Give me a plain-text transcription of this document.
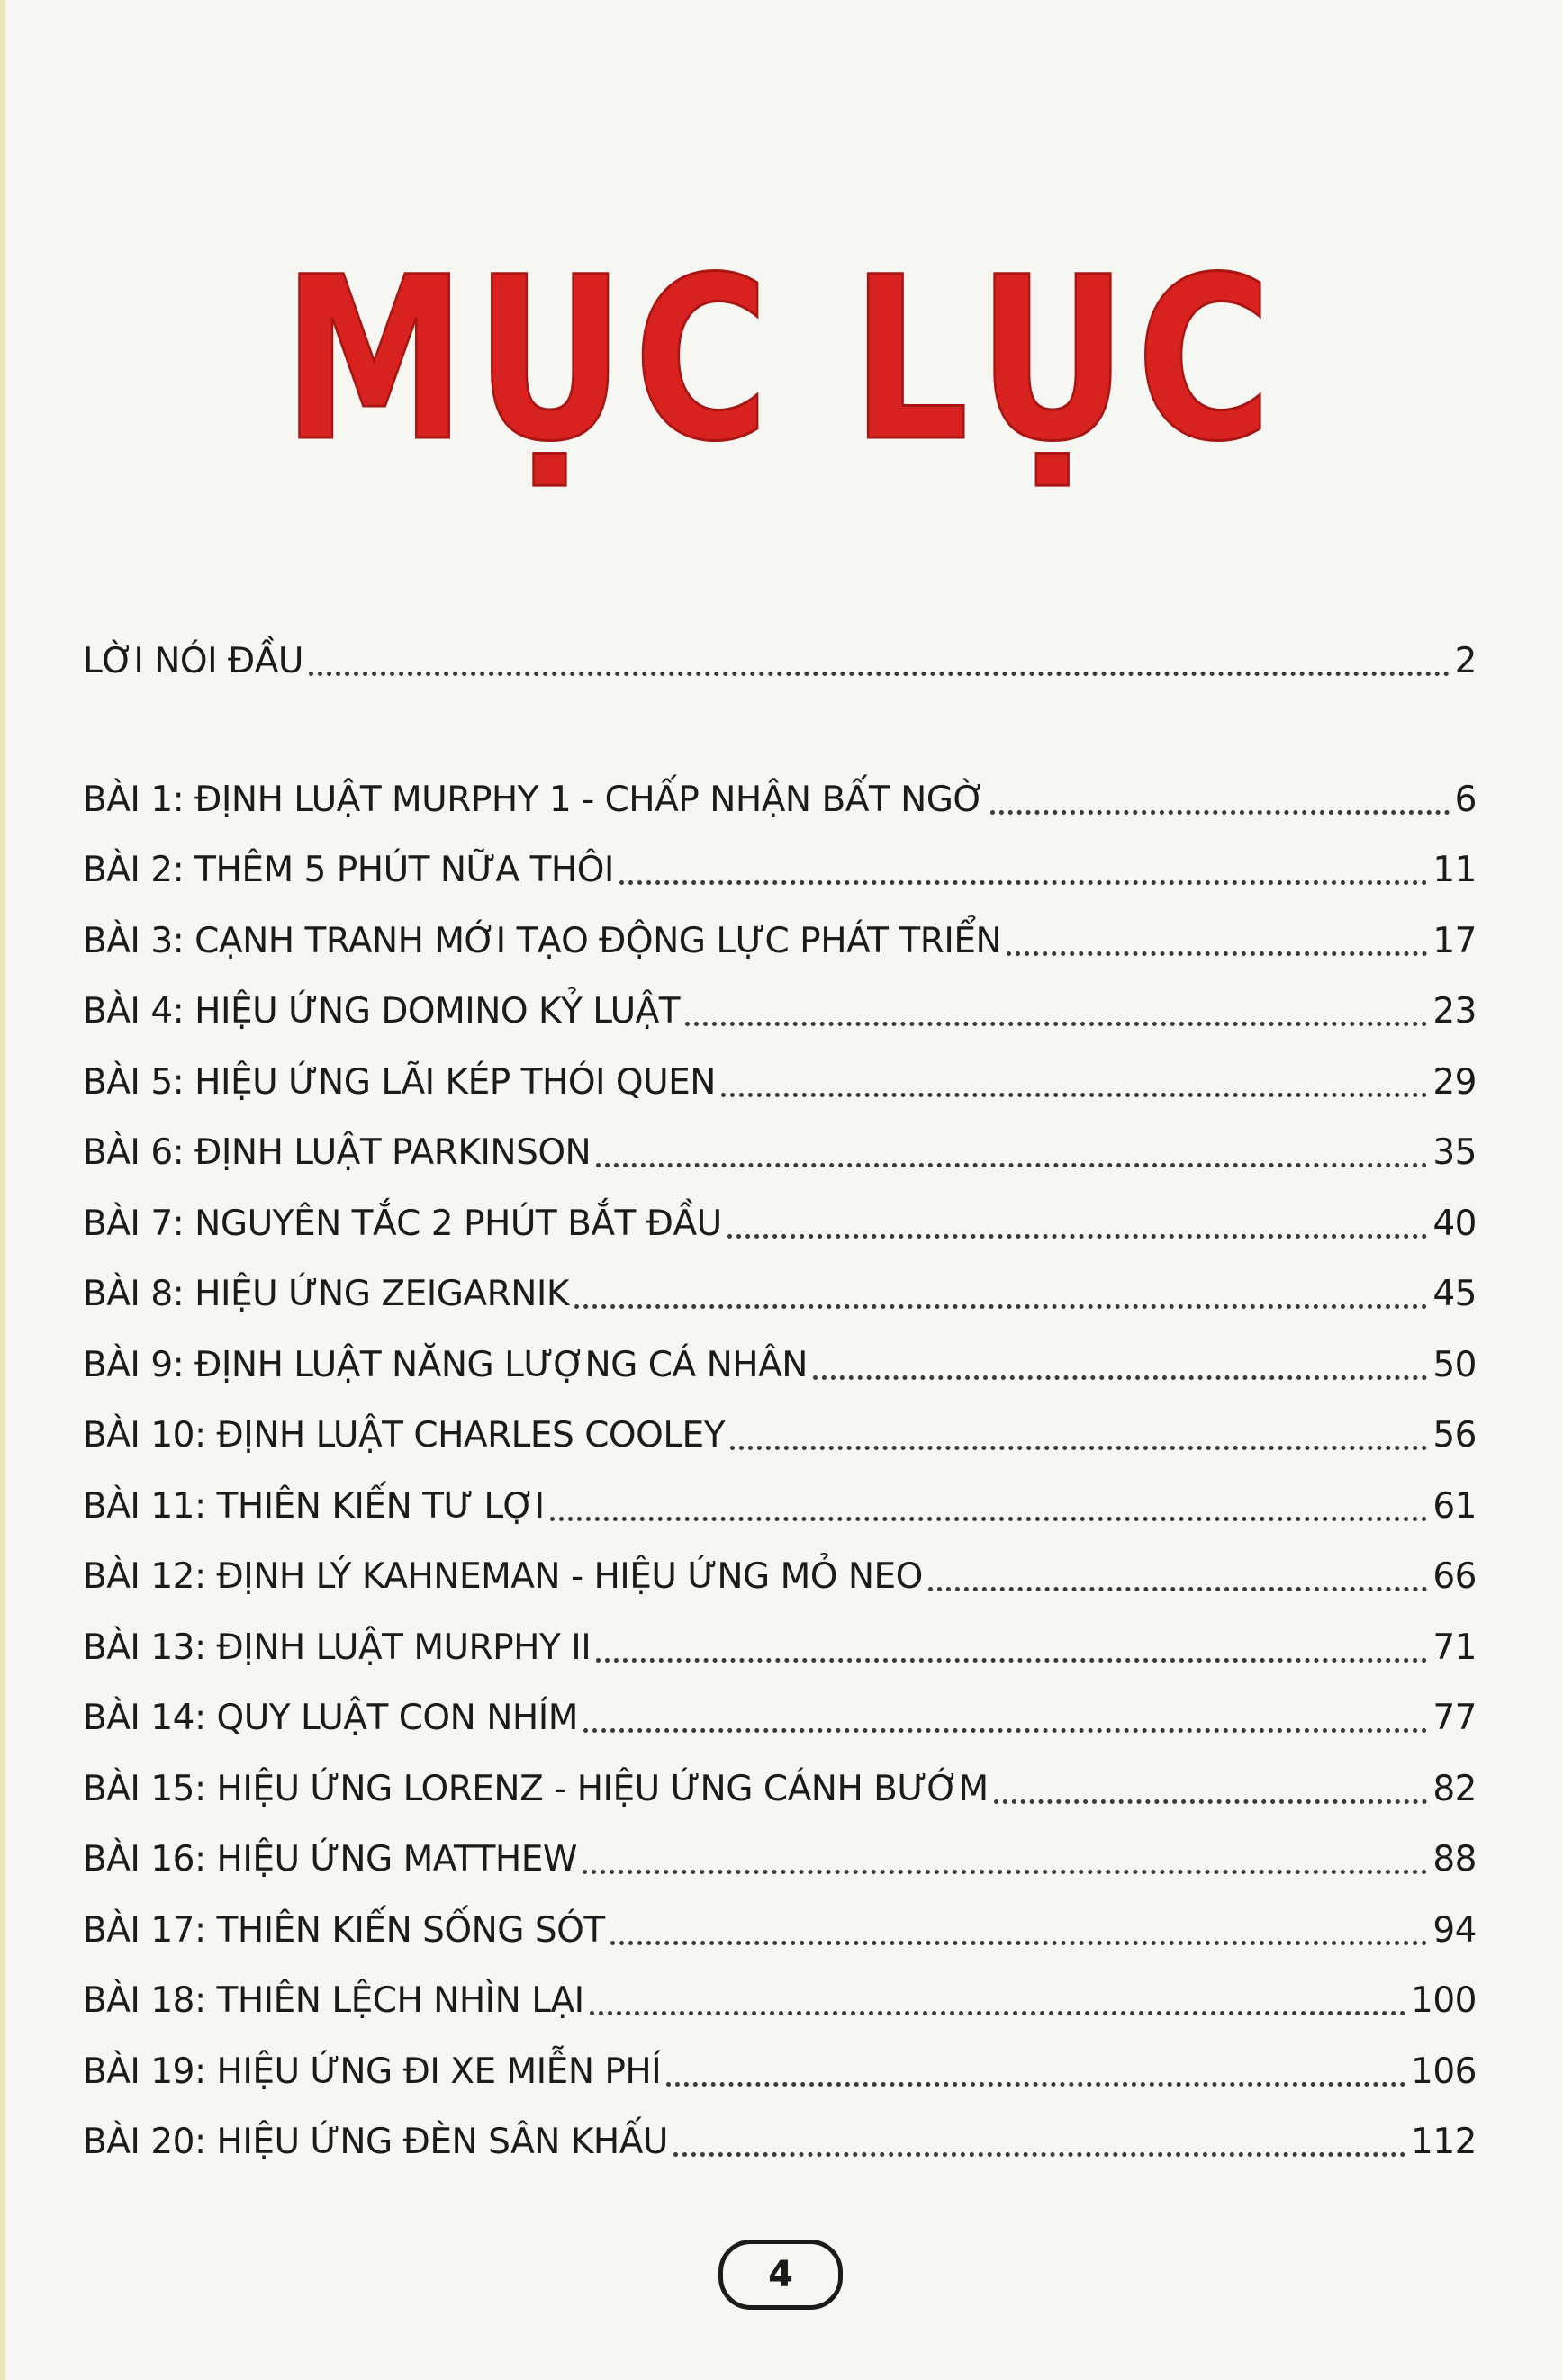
MỤC LỤC
LỜI NÓI ĐẦU	2
BÀI 1: ĐỊNH LUẬT MURPHY 1 - CHẤP NHẬN BẤT NGỜ	6
BÀI 2: THÊM 5 PHÚT NỮA THÔI	11
BÀI 3: CẠNH TRANH MỚI TẠO ĐỘNG LỰC PHÁT TRIỂN	17
BÀI 4: HIỆU ỨNG DOMINO KỶ LUẬT	23
BÀI 5: HIỆU ỨNG LÃI KÉP THÓI QUEN	29
BÀI 6: ĐỊNH LUẬT PARKINSON	35
BÀI 7: NGUYÊN TẮC 2 PHÚT BẮT ĐẦU	40
BÀI 8: HIỆU ỨNG ZEIGARNIK	45
BÀI 9: ĐỊNH LUẬT NĂNG LƯỢNG CÁ NHÂN	50
BÀI 10: ĐỊNH LUẬT CHARLES COOLEY	56
BÀI 11: THIÊN KIẾN TƯ LỢI	61
BÀI 12: ĐỊNH LÝ KAHNEMAN - HIỆU ỨNG MỎ NEO	66
BÀI 13: ĐỊNH LUẬT MURPHY II	71
BÀI 14: QUY LUẬT CON NHÍM	77
BÀI 15: HIỆU ỨNG LORENZ - HIỆU ỨNG CÁNH BƯỚM	82
BÀI 16: HIỆU ỨNG MATTHEW	88
BÀI 17: THIÊN KIẾN SỐNG SÓT	94
BÀI 18: THIÊN LỆCH NHÌN LẠI	100
BÀI 19: HIỆU ỨNG ĐI XE MIỄN PHÍ	106
BÀI 20: HIỆU ỨNG ĐÈN SÂN KHẤU	112
4
